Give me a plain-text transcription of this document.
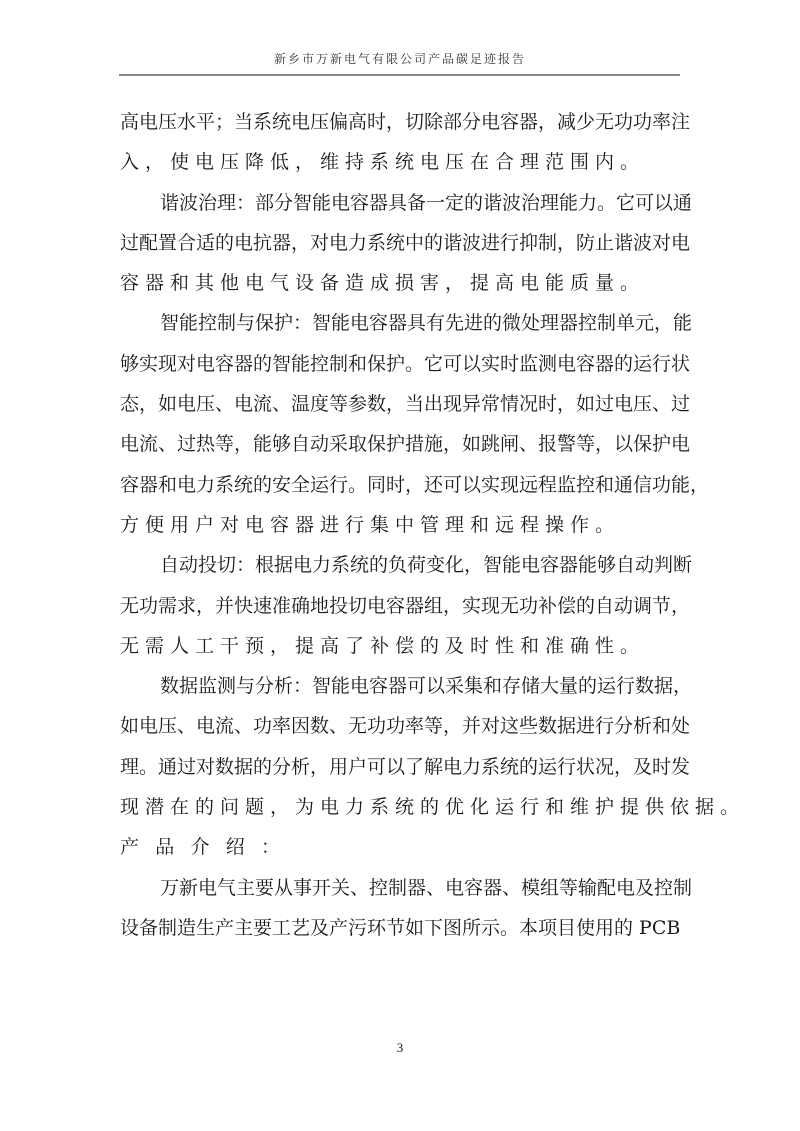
新乡市万新电气有限公司产品碳足迹报告
高电压水平；当系统电压偏高时，切除部分电容器，减少无功功率注
入，使电压降低，维持系统电压在合理范围内。
谐波治理：部分智能电容器具备一定的谐波治理能力。它可以通
过配置合适的电抗器，对电力系统中的谐波进行抑制，防止谐波对电
容器和其他电气设备造成损害，提高电能质量。
智能控制与保护：智能电容器具有先进的微处理器控制单元，能
够实现对电容器的智能控制和保护。它可以实时监测电容器的运行状
态，如电压、电流、温度等参数，当出现异常情况时，如过电压、过
电流、过热等，能够自动采取保护措施，如跳闸、报警等，以保护电
容器和电力系统的安全运行。同时，还可以实现远程监控和通信功能，
方便用户对电容器进行集中管理和远程操作。
自动投切：根据电力系统的负荷变化，智能电容器能够自动判断
无功需求，并快速准确地投切电容器组，实现无功补偿的自动调节，
无需人工干预，提高了补偿的及时性和准确性。
数据监测与分析：智能电容器可以采集和存储大量的运行数据，
如电压、电流、功率因数、无功功率等，并对这些数据进行分析和处
理。通过对数据的分析，用户可以了解电力系统的运行状况，及时发
现潜在的问题，为电力系统的优化运行和维护提供依据。
产 品 介 绍 ：
万新电气主要从事开关、控制器、电容器、模组等输配电及控制
设备制造生产主要工艺及产污环节如下图所示。本项目使用的 PCB
3
